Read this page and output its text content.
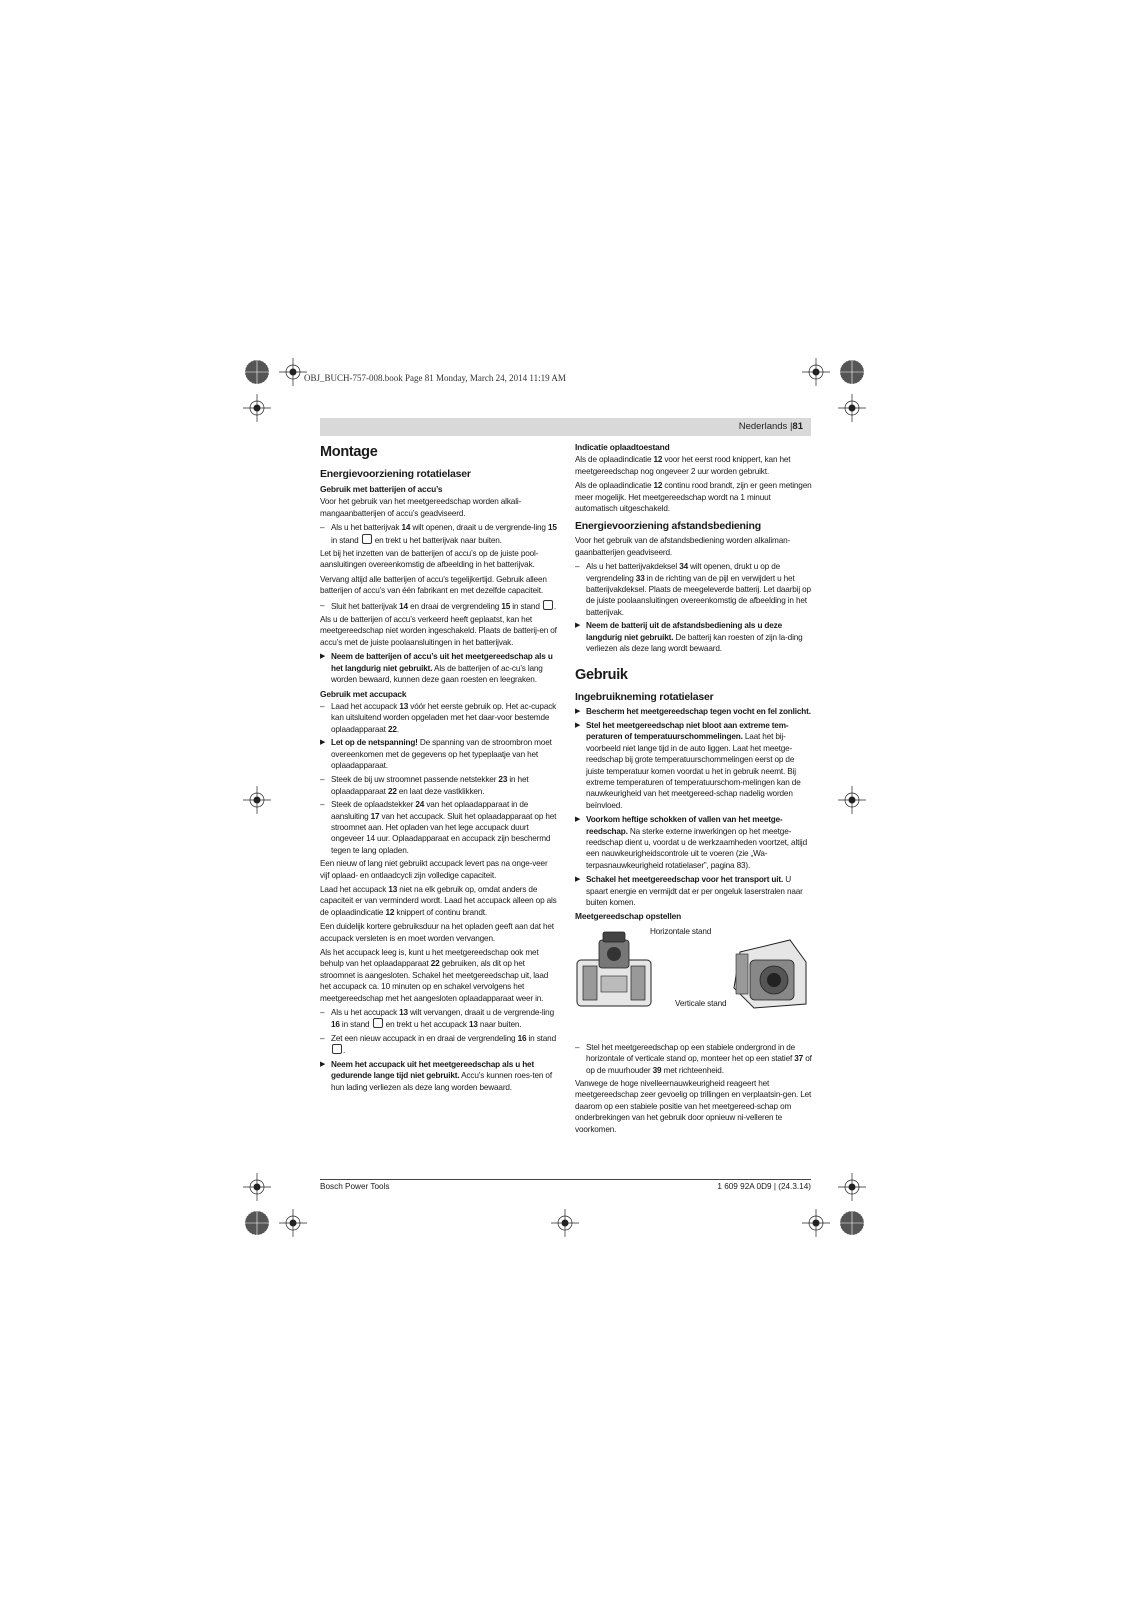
OBJ_BUCH-757-008.book Page 81 Monday, March 24, 2014 11:19 AM
Nederlands |81
Montage
Energievoorziening rotatielaser
Gebruik met batterijen of accu’s
Voor het gebruik van het meetgereedschap worden alkali-mangaanbatterijen of accu’s geadviseerd.
– Als u het batterijvak 14 wilt openen, draait u de vergrende-ling 15 in stand  en trekt u het batterijvak naar buiten.
Let bij het inzetten van de batterijen of accu’s op de juiste pool-aansluitingen overeenkomstig de afbeelding in het batterijvak.
Vervang altijd alle batterijen of accu’s tegelijkertijd. Gebruik alleen batterijen of accu’s van één fabrikant en met dezelfde capaciteit.
– Sluit het batterijvak 14 en draai de vergrendeling 15 in stand .
Als u de batterijen of accu’s verkeerd heeft geplaatst, kan het meetgereedschap niet worden ingeschakeld. Plaats de batterij-en of accu’s met de juiste poolaansluitingen in het batterijvak.
▶ Neem de batterijen of accu’s uit het meetgereedschap als u het langdurig niet gebruikt. Als de batterijen of ac-cu’s lang worden bewaard, kunnen deze gaan roesten en leegraken.
Gebruik met accupack
– Laad het accupack 13 vóór het eerste gebruik op. Het ac-cupack kan uitsluitend worden opgeladen met het daar-voor bestemde oplaadapparaat 22.
▶ Let op de netspanning! De spanning van de stroombron moet overeenkomen met de gegevens op het typeplaatje van het oplaadapparaat.
– Steek de bij uw stroomnet passende netstekker 23 in het oplaadapparaat 22 en laat deze vastklikken.
– Steek de oplaadstekker 24 van het oplaadapparaat in de aansluiting 17 van het accupack. Sluit het oplaadapparaat op het stroomnet aan. Het opladen van het lege accupack duurt ongeveer 14 uur. Oplaadapparaat en accupack zijn beschermd tegen te lang opladen.
Een nieuw of lang niet gebruikt accupack levert pas na onge-veer vijf oplaad- en ontlaadcycli zijn volledige capaciteit.
Laad het accupack 13 niet na elk gebruik op, omdat anders de capaciteit er van verminderd wordt. Laad het accupack alleen op als de oplaadindicatie 12 knippert of continu brandt.
Een duidelijk kortere gebruiksduur na het opladen geeft aan dat het accupack versleten is en moet worden vervangen.
Als het accupack leeg is, kunt u het meetgereedschap ook met behulp van het oplaadapparaat 22 gebruiken, als dit op het stroomnet is aangesloten. Schakel het meetgereedschap uit, laad het accupack ca. 10 minuten op en schakel vervolgens het meetgereedschap met het aangesloten oplaadapparaat weer in.
– Als u het accupack 13 wilt vervangen, draait u de vergrende-ling 16 in stand  en trekt u het accupack 13 naar buiten.
– Zet een nieuw accupack in en draai de vergrendeling 16 in stand .
▶ Neem het accupack uit het meetgereedschap als u het gedurende lange tijd niet gebruikt. Accu’s kunnen roes-ten of hun lading verliezen als deze lang worden bewaard.
Indicatie oplaadtoestand
Als de oplaadindicatie 12 voor het eerst rood knippert, kan het meetgereedschap nog ongeveer 2 uur worden gebruikt.
Als de oplaadindicatie 12 continu rood brandt, zijn er geen metingen meer mogelijk. Het meetgereedschap wordt na 1 minuut automatisch uitgeschakeld.
Energievoorziening afstandsbediening
Voor het gebruik van de afstandsbediening worden alkaliman-gaanbatterijen geadviseerd.
– Als u het batterijvakdeksel 34 wilt openen, drukt u op de vergrendeling 33 in de richting van de pijl en verwijdert u het batterijvakdeksel. Plaats de meegeleverde batterij. Let daarbij op de juiste poolaansluitingen overeenkomstig de afbeelding in het batterijvak.
▶ Neem de batterij uit de afstandsbediening als u deze langdurig niet gebruikt. De batterij kan roesten of zijn la-ding verliezen als deze lang wordt bewaard.
Gebruik
Ingebruikneming rotatielaser
▶ Bescherm het meetgereedschap tegen vocht en fel zonlicht.
▶ Stel het meetgereedschap niet bloot aan extreme tem-peraturen of temperatuurschommelingen. Laat het bij-voorbeeld niet lange tijd in de auto liggen. Laat het meetge-reedschap bij grote temperatuurschommelingen eerst op de juiste temperatuur komen voordat u het in gebruik neemt. Bij extreme temperaturen of temperatuurschom-melingen kan de nauwkeurigheid van het meetgereed-schap nadelig worden beïnvloed.
▶ Voorkom heftige schokken of vallen van het meetge-reedschap. Na sterke externe inwerkingen op het meetge-reedschap dient u, voordat u de werkzaamheden voortzet, altijd een nauwkeurigheidscontrole uit te voeren (zie „Wa-terpasnauwkeurigheid rotatielaser”, pagina 83).
▶ Schakel het meetgereedschap voor het transport uit. U spaart energie en vermijdt dat er per ongeluk laserstralen naar buiten komen.
Meetgereedschap opstellen
Horizontale stand
Verticale stand
– Stel het meetgereedschap op een stabiele ondergrond in de horizontale of verticale stand op, monteer het op een statief 37 of op de muurhouder 39 met richteenheid.
Vanwege de hoge nivelleernauwkeurigheid reageert het meetgereedschap zeer gevoelig op trillingen en verplaatsin-gen. Let daarom op een stabiele positie van het meetgereed-schap om onderbrekingen van het gebruik door opnieuw ni-velleren te voorkomen.
Bosch Power Tools	1 609 92A 0D9 | (24.3.14)
